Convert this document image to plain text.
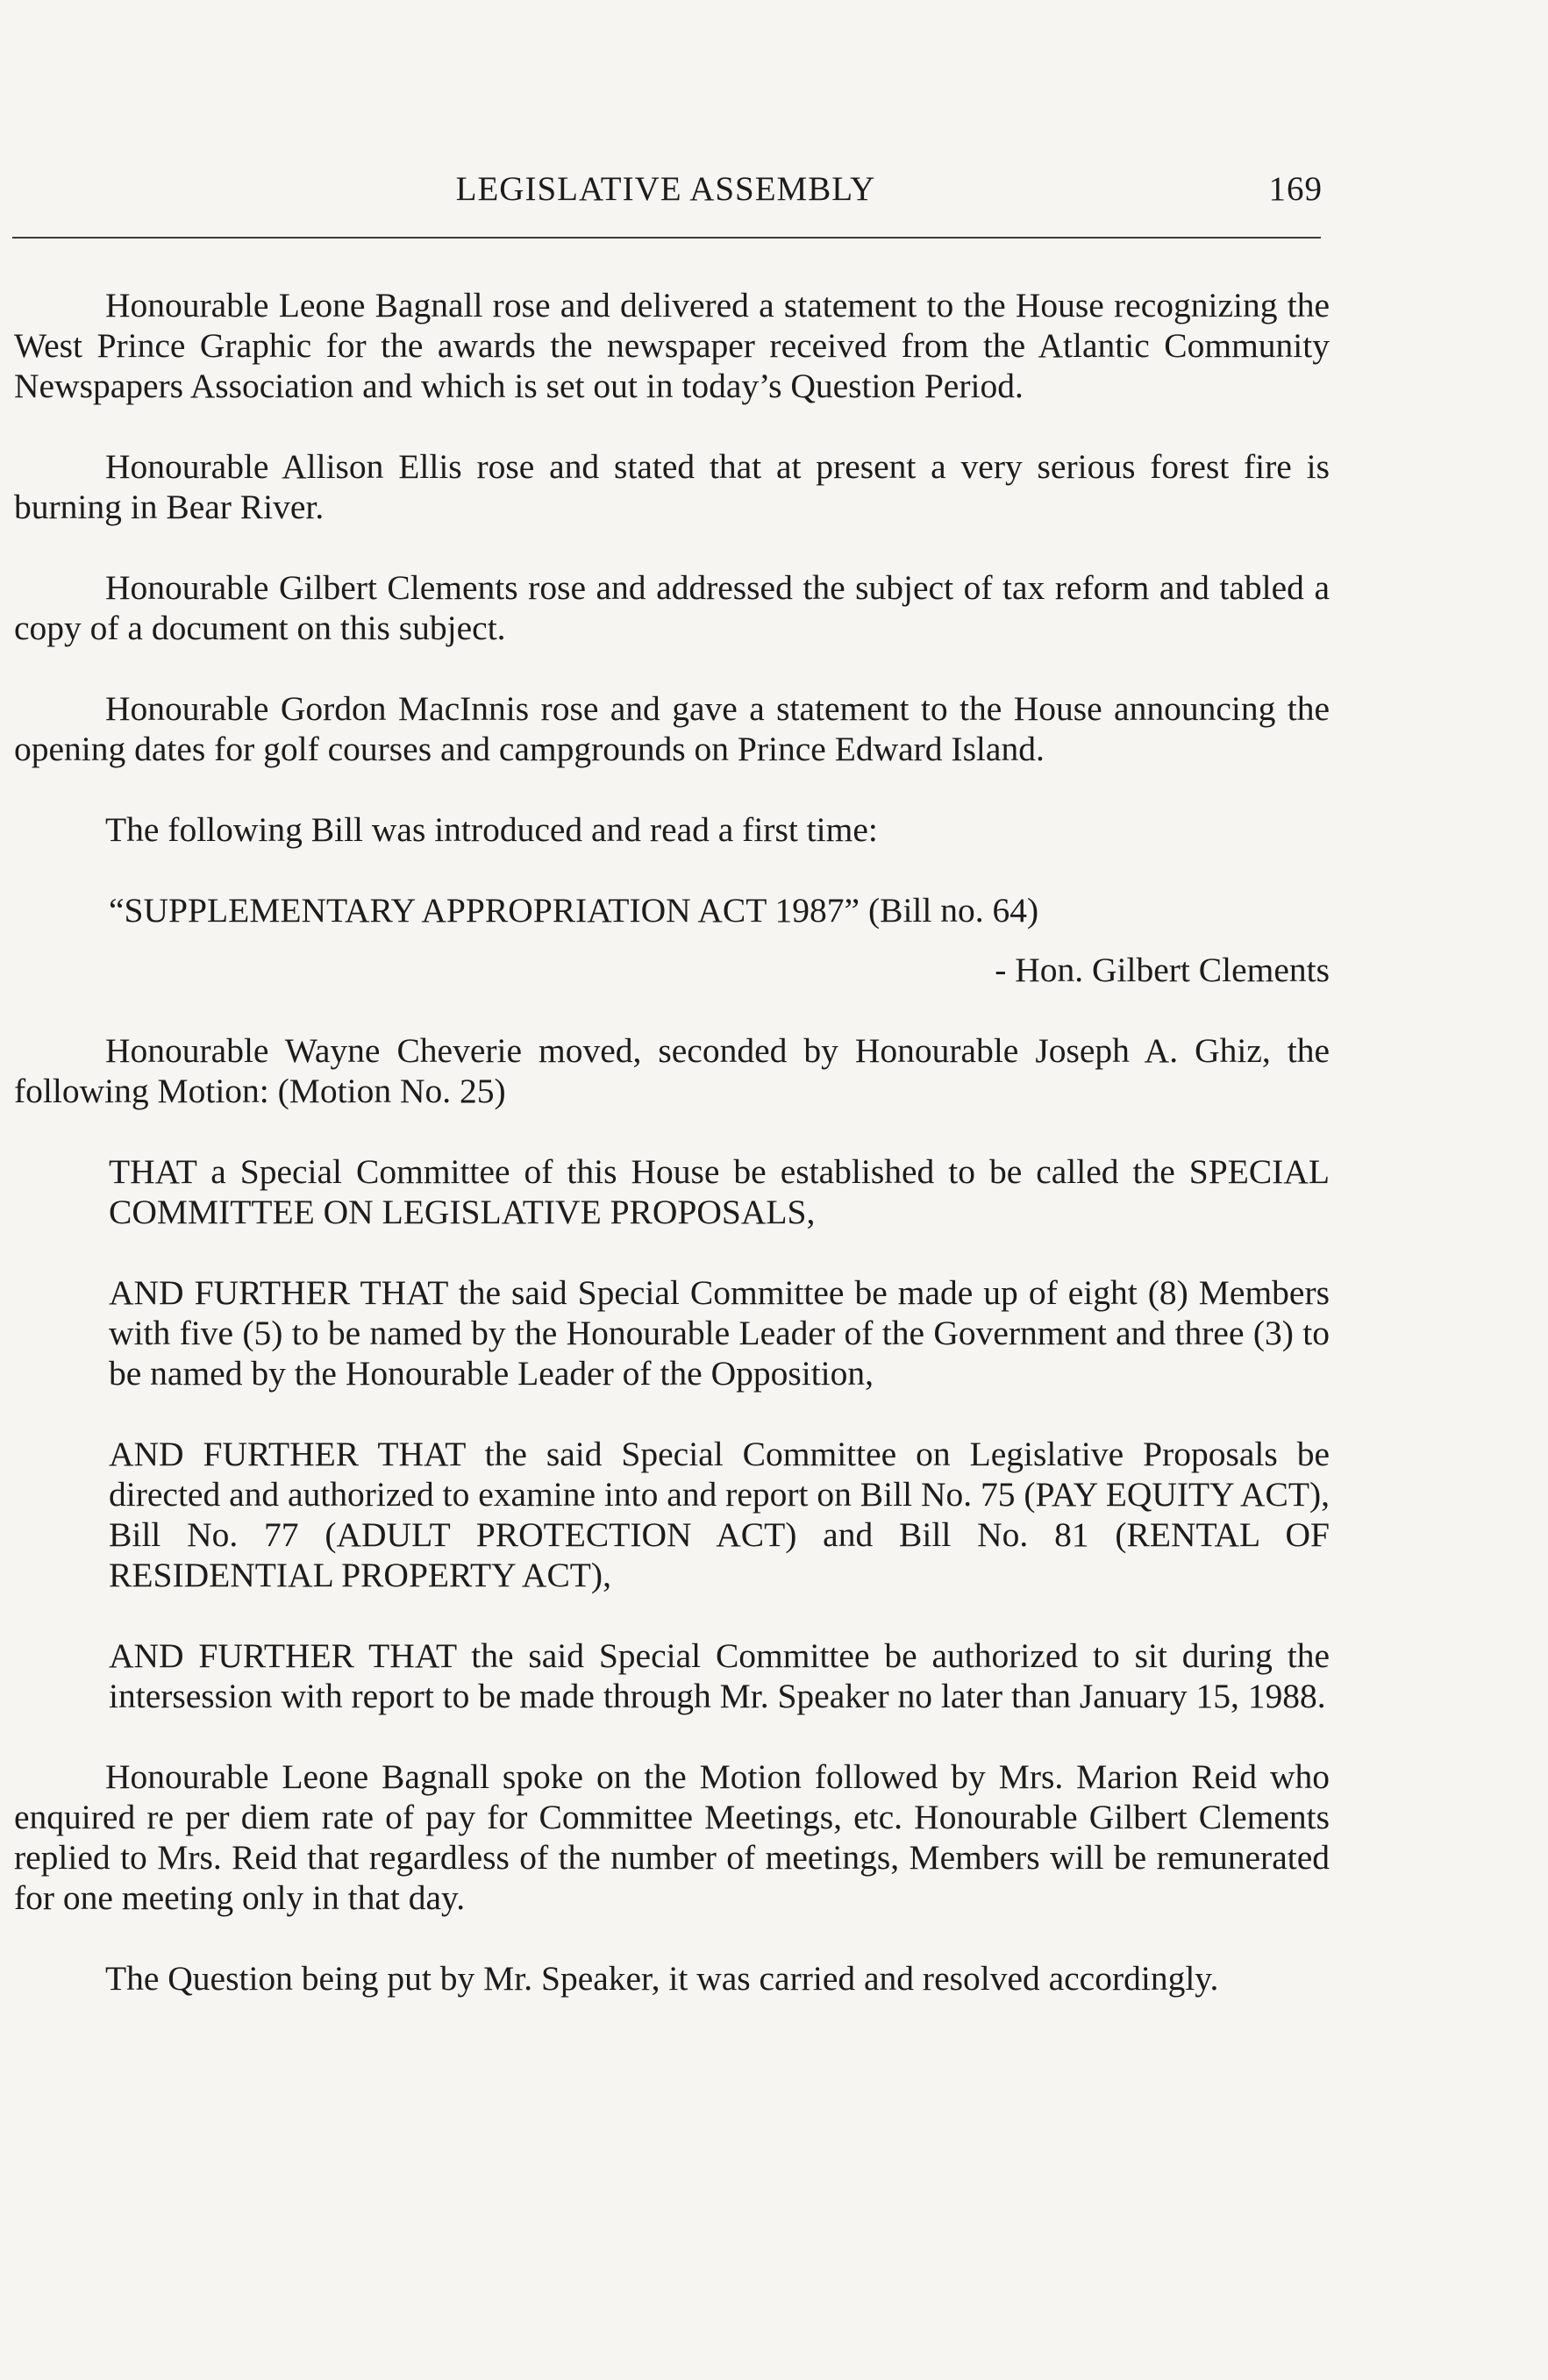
LEGISLATIVE ASSEMBLY	169

Honourable Leone Bagnall rose and delivered a statement to the House recognizing the West Prince Graphic for the awards the newspaper received from the Atlantic Community Newspapers Association and which is set out in today’s Question Period.

Honourable Allison Ellis rose and stated that at present a very serious forest fire is burning in Bear River.

Honourable Gilbert Clements rose and addressed the subject of tax reform and tabled a copy of a document on this subject.

Honourable Gordon MacInnis rose and gave a statement to the House announcing the opening dates for golf courses and campgrounds on Prince Edward Island.

The following Bill was introduced and read a first time:

“SUPPLEMENTARY APPROPRIATION ACT 1987” (Bill no. 64)

- Hon. Gilbert Clements

Honourable Wayne Cheverie moved, seconded by Honourable Joseph A. Ghiz, the following Motion: (Motion No. 25)

THAT a Special Committee of this House be established to be called the SPECIAL COMMITTEE ON LEGISLATIVE PROPOSALS,

AND FURTHER THAT the said Special Committee be made up of eight (8) Members with five (5) to be named by the Honourable Leader of the Government and three (3) to be named by the Honourable Leader of the Opposition,

AND FURTHER THAT the said Special Committee on Legislative Proposals be directed and authorized to examine into and report on Bill No. 75 (PAY EQUITY ACT), Bill No. 77 (ADULT PROTECTION ACT) and Bill No. 81 (RENTAL OF RESIDENTIAL PROPERTY ACT),

AND FURTHER THAT the said Special Committee be authorized to sit during the intersession with report to be made through Mr. Speaker no later than January 15, 1988.

Honourable Leone Bagnall spoke on the Motion followed by Mrs. Marion Reid who enquired re per diem rate of pay for Committee Meetings, etc. Honourable Gilbert Clements replied to Mrs. Reid that regardless of the number of meetings, Members will be remunerated for one meeting only in that day.

The Question being put by Mr. Speaker, it was carried and resolved accordingly.
